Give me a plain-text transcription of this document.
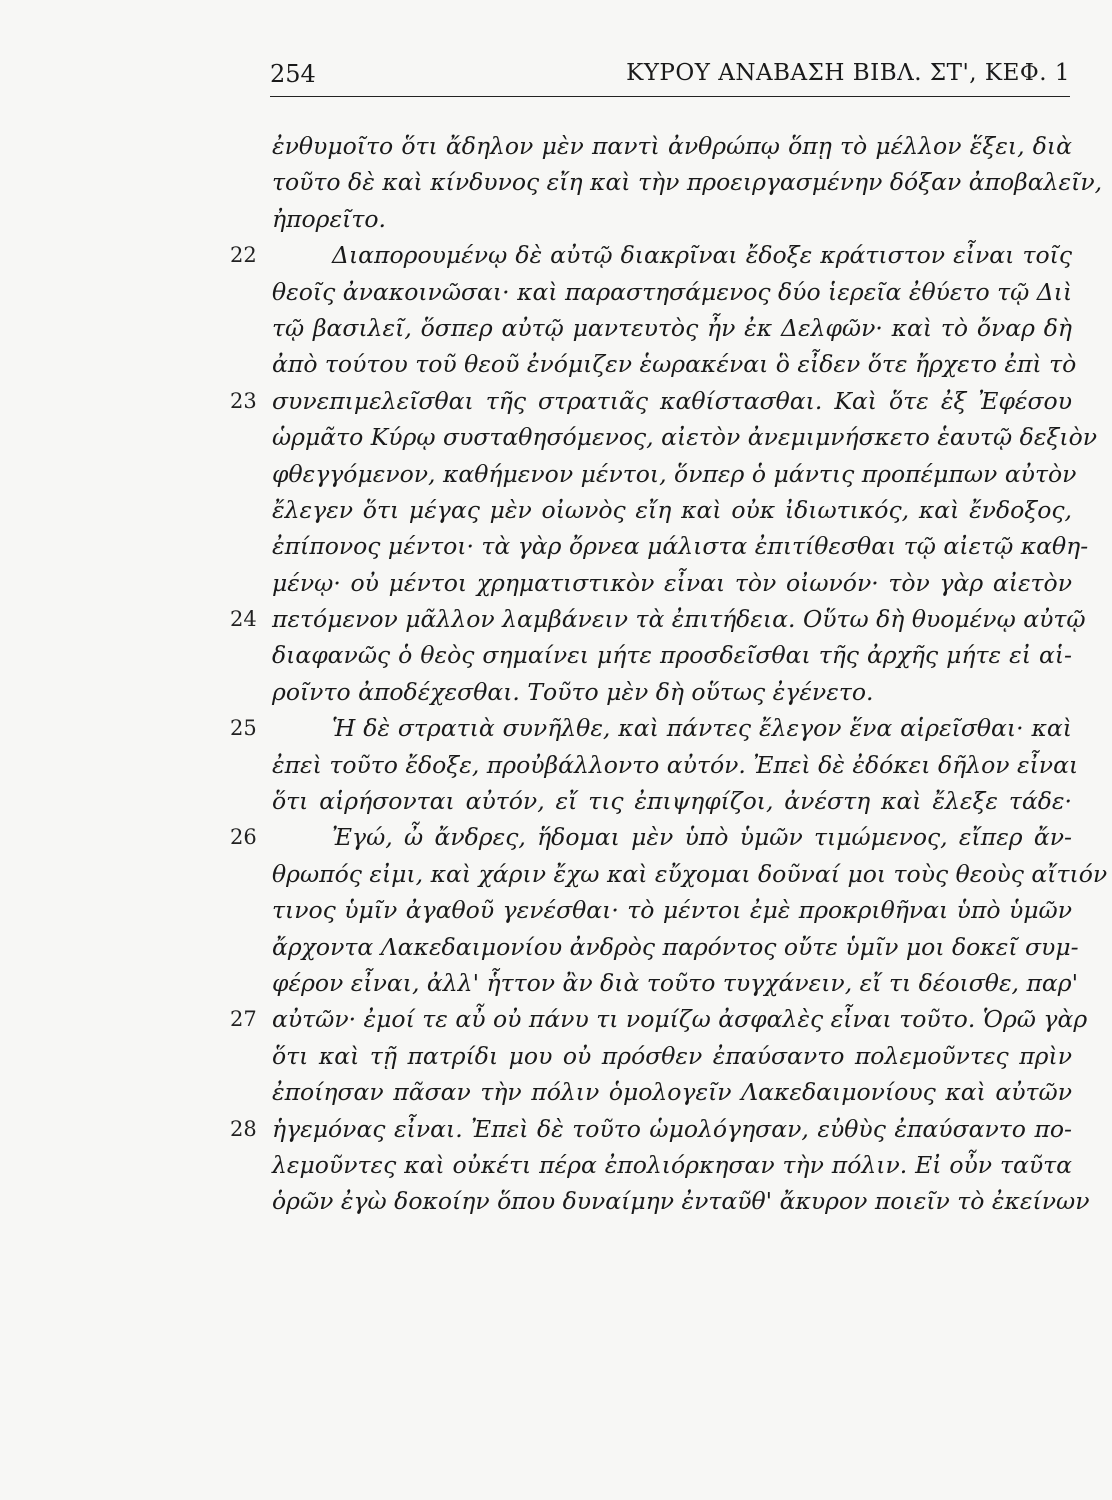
254	ΚΥΡΟΥ ΑΝΑΒΑΣΗ ΒΙΒΛ. ΣΤ', ΚΕΦ. 1
ἐνθυμοῖτο ὅτι ἄδηλον μὲν παντὶ ἀνθρώπῳ ὅπῃ τὸ μέλλον ἕξει, διὰ
τοῦτο δὲ καὶ κίνδυνος εἴη καὶ τὴν προειργασμένην δόξαν ἀποβαλεῖν,
ἠπορεῖτο.
22	Διαπορουμένῳ δὲ αὐτῷ διακρῖναι ἔδοξε κράτιστον εἶναι τοῖς
θεοῖς ἀνακοινῶσαι· καὶ παραστησάμενος δύο ἱερεῖα ἐθύετο τῷ Διὶ
τῷ βασιλεῖ, ὅσπερ αὐτῷ μαντευτὸς ἦν ἐκ Δελφῶν· καὶ τὸ ὄναρ δὴ
ἀπὸ τούτου τοῦ θεοῦ ἐνόμιζεν ἑωρακέναι ὃ εἶδεν ὅτε ἤρχετο ἐπὶ τὸ
23 συνεπιμελεῖσθαι τῆς στρατιᾶς καθίστασθαι. Καὶ ὅτε ἐξ Ἐφέσου
ὡρμᾶτο Κύρῳ συσταθησόμενος, αἰετὸν ἀνεμιμνήσκετο ἑαυτῷ δεξιὸν
φθεγγόμενον, καθήμενον μέντοι, ὅνπερ ὁ μάντις προπέμπων αὐτὸν
ἔλεγεν ὅτι μέγας μὲν οἰωνὸς εἴη καὶ οὐκ ἰδιωτικός, καὶ ἔνδοξος,
ἐπίπονος μέντοι· τὰ γὰρ ὄρνεα μάλιστα ἐπιτίθεσθαι τῷ αἰετῷ καθη-
μένῳ· οὐ μέντοι χρηματιστικὸν εἶναι τὸν οἰωνόν· τὸν γὰρ αἰετὸν
24 πετόμενον μᾶλλον λαμβάνειν τὰ ἐπιτήδεια. Οὕτω δὴ θυομένῳ αὐτῷ
διαφανῶς ὁ θεὸς σημαίνει μήτε προσδεῖσθαι τῆς ἀρχῆς μήτε εἰ αἱ-
ροῖντο ἀποδέχεσθαι. Τοῦτο μὲν δὴ οὕτως ἐγένετο.
25	Ἡ δὲ στρατιὰ συνῆλθε, καὶ πάντες ἔλεγον ἕνα αἱρεῖσθαι· καὶ
ἐπεὶ τοῦτο ἔδοξε, προὐβάλλοντο αὐτόν. Ἐπεὶ δὲ ἐδόκει δῆλον εἶναι
ὅτι αἱρήσονται αὐτόν, εἴ τις ἐπιψηφίζοι, ἀνέστη καὶ ἔλεξε τάδε·
26	Ἐγώ, ὦ ἄνδρες, ἥδομαι μὲν ὑπὸ ὑμῶν τιμώμενος, εἴπερ ἄν-
θρωπός εἰμι, καὶ χάριν ἔχω καὶ εὔχομαι δοῦναί μοι τοὺς θεοὺς αἴτιόν
τινος ὑμῖν ἀγαθοῦ γενέσθαι· τὸ μέντοι ἐμὲ προκριθῆναι ὑπὸ ὑμῶν
ἄρχοντα Λακεδαιμονίου ἀνδρὸς παρόντος οὔτε ὑμῖν μοι δοκεῖ συμ-
φέρον εἶναι, ἀλλ' ἧττον ἂν διὰ τοῦτο τυγχάνειν, εἴ τι δέοισθε, παρ'
27 αὐτῶν· ἐμοί τε αὖ οὐ πάνυ τι νομίζω ἀσφαλὲς εἶναι τοῦτο. Ὁρῶ γὰρ
ὅτι καὶ τῇ πατρίδι μου οὐ πρόσθεν ἐπαύσαντο πολεμοῦντες πρὶν
ἐποίησαν πᾶσαν τὴν πόλιν ὁμολογεῖν Λακεδαιμονίους καὶ αὐτῶν
28 ἡγεμόνας εἶναι. Ἐπεὶ δὲ τοῦτο ὡμολόγησαν, εὐθὺς ἐπαύσαντο πο-
λεμοῦντες καὶ οὐκέτι πέρα ἐπολιόρκησαν τὴν πόλιν. Εἰ οὖν ταῦτα
ὁρῶν ἐγὼ δοκοίην ὅπου δυναίμην ἐνταῦθ' ἄκυρον ποιεῖν τὸ ἐκείνων
